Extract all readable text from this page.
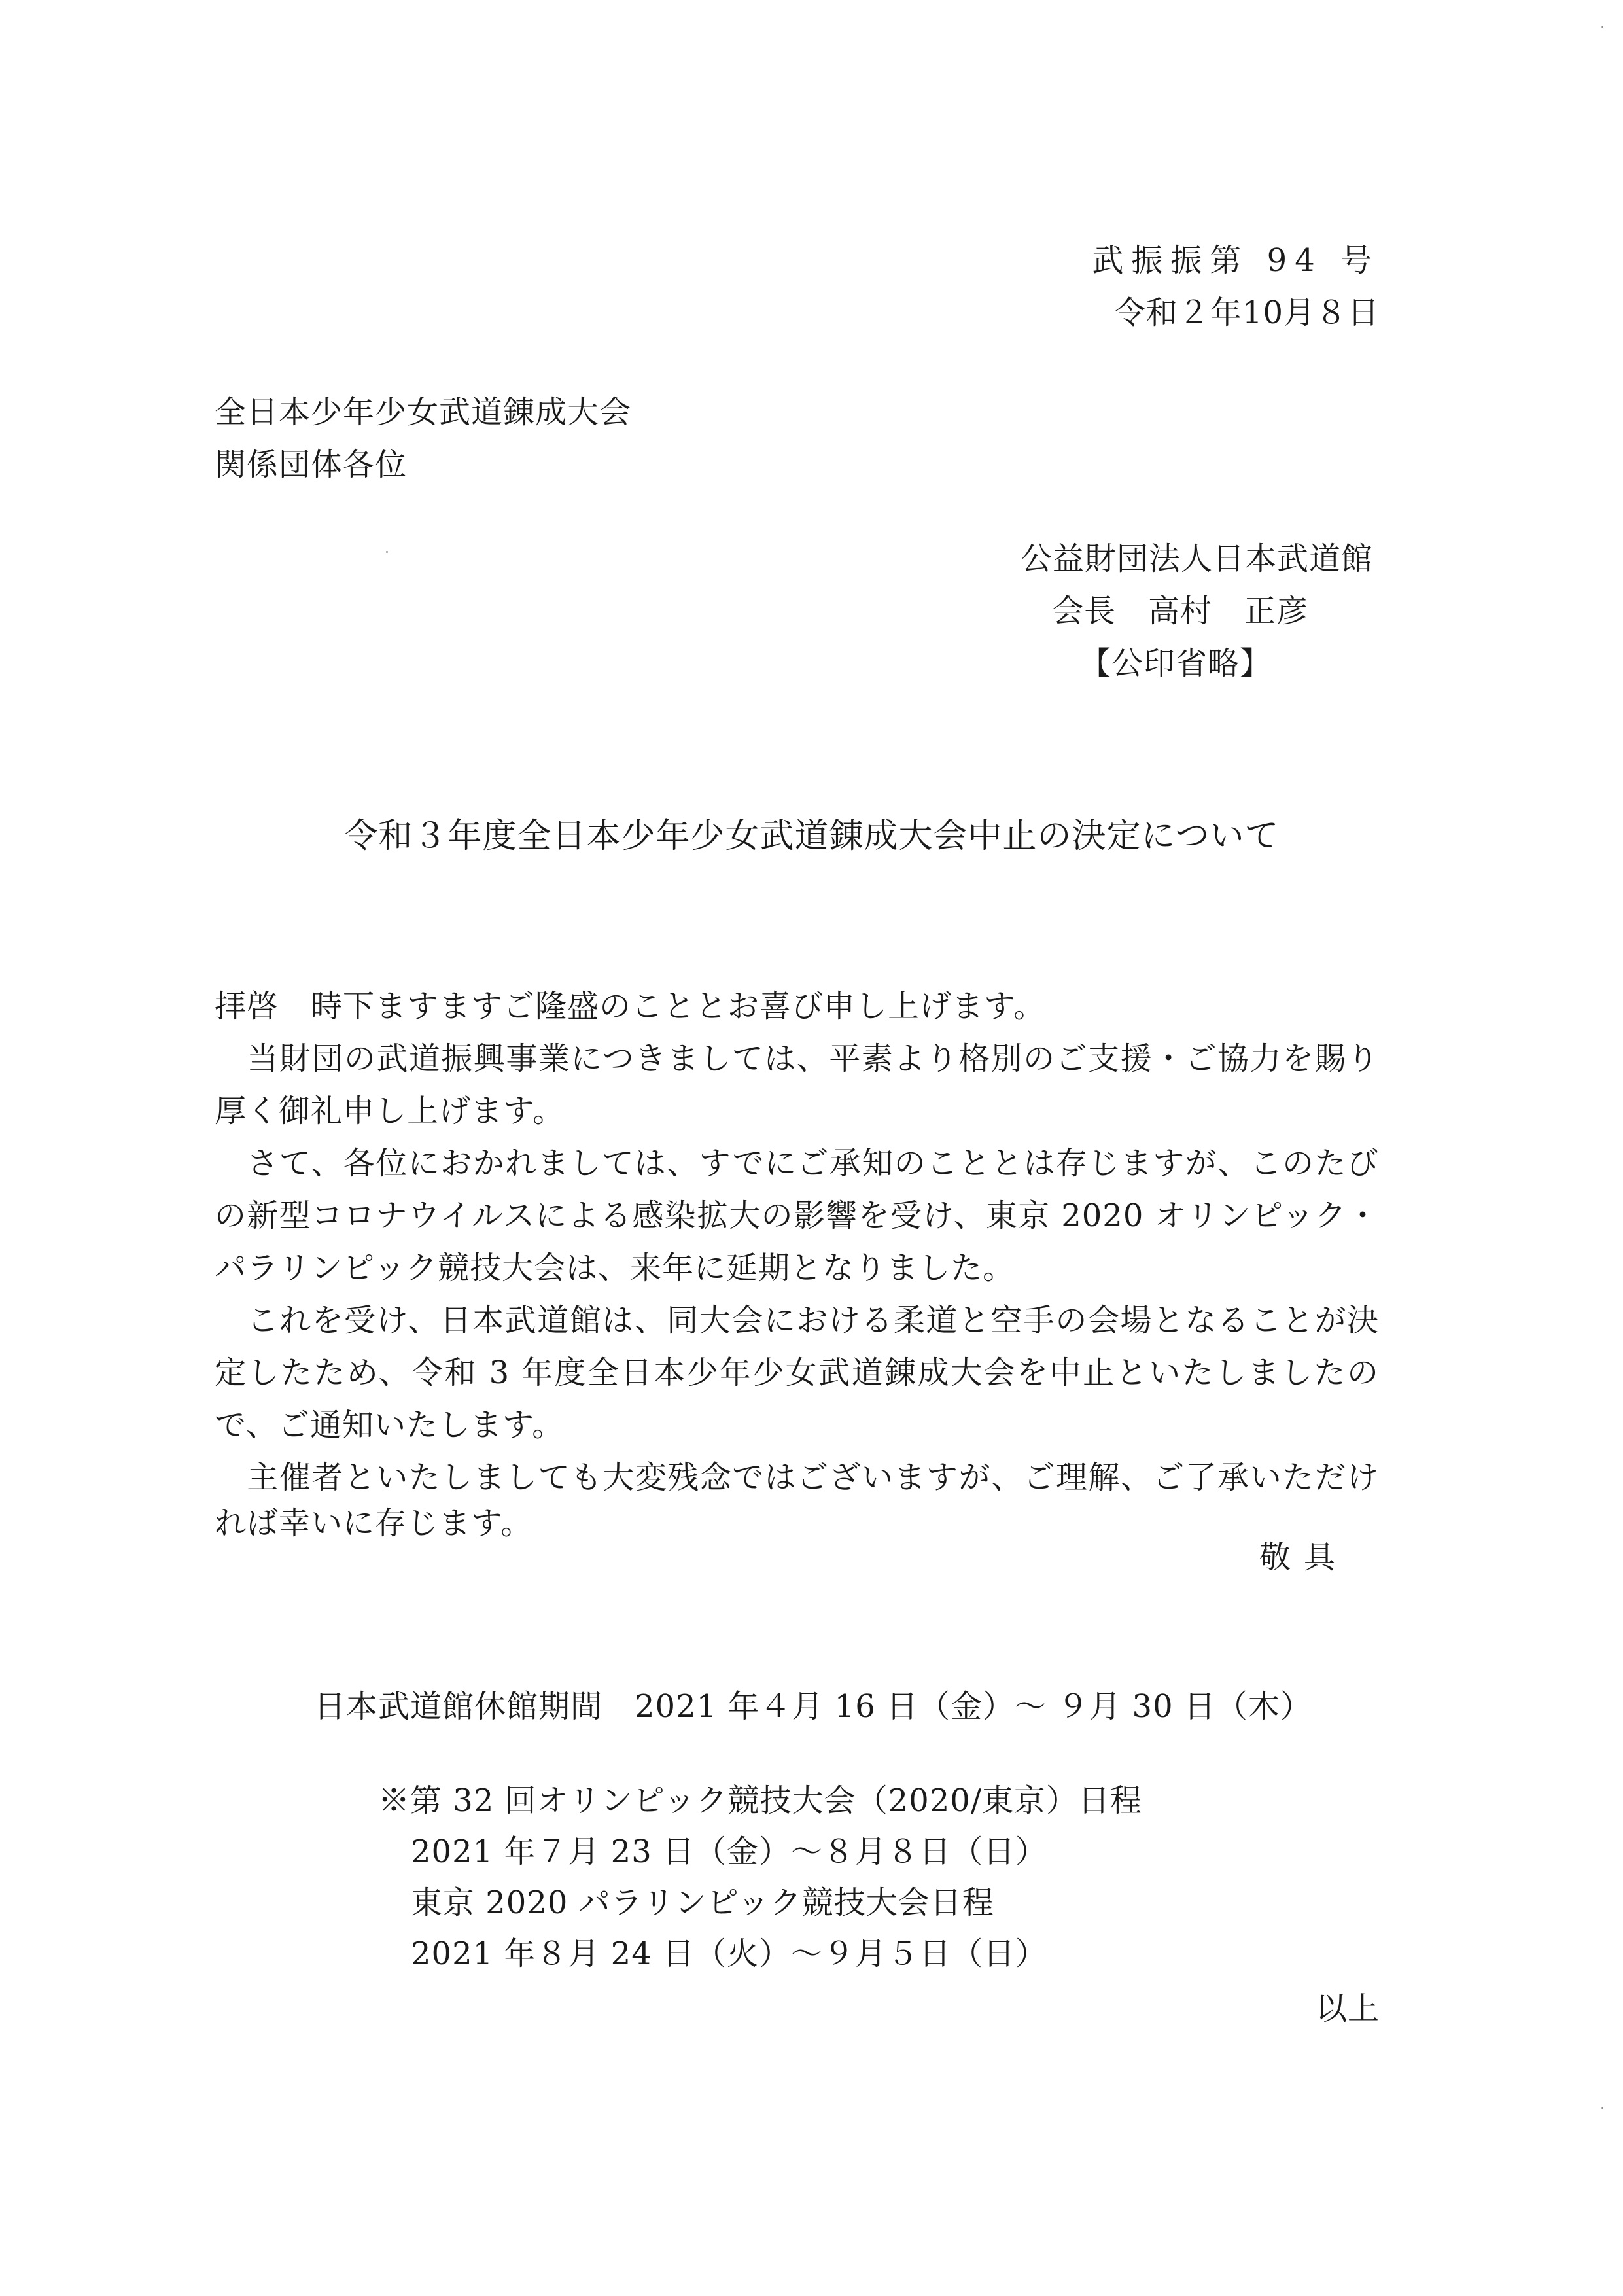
武振振第 94 号
令和２年10月８日
全日本少年少女武道錬成大会
関係団体各位
公益財団法人日本武道館
会長　高村　正彦
【公印省略】
令和３年度全日本少年少女武道錬成大会中止の決定について
拝啓　時下ますますご隆盛のこととお喜び申し上げます。
　当財団の武道振興事業につきましては、平素より格別のご支援・ご協力を賜り
厚く御礼申し上げます。
　さて、各位におかれましては、すでにご承知のこととは存じますが、このたび
の新型コロナウイルスによる感染拡大の影響を受け、東京 2020 オリンピック・
パラリンピック競技大会は、来年に延期となりました。
　これを受け、日本武道館は、同大会における柔道と空手の会場となることが決
定したため、令和 3 年度全日本少年少女武道錬成大会を中止といたしましたの
で、ご通知いたします。
　主催者といたしましても大変残念ではございますが、ご理解、ご了承いただけ
れば幸いに存じます。
敬具
日本武道館休館期間　2021 年４月 16 日（金）～ ９月 30 日（木）
※第 32 回オリンピック競技大会（2020/東京）日程
2021 年７月 23 日（金）～８月８日（日）
東京 2020 パラリンピック競技大会日程
2021 年８月 24 日（火）～９月５日（日）
以上
